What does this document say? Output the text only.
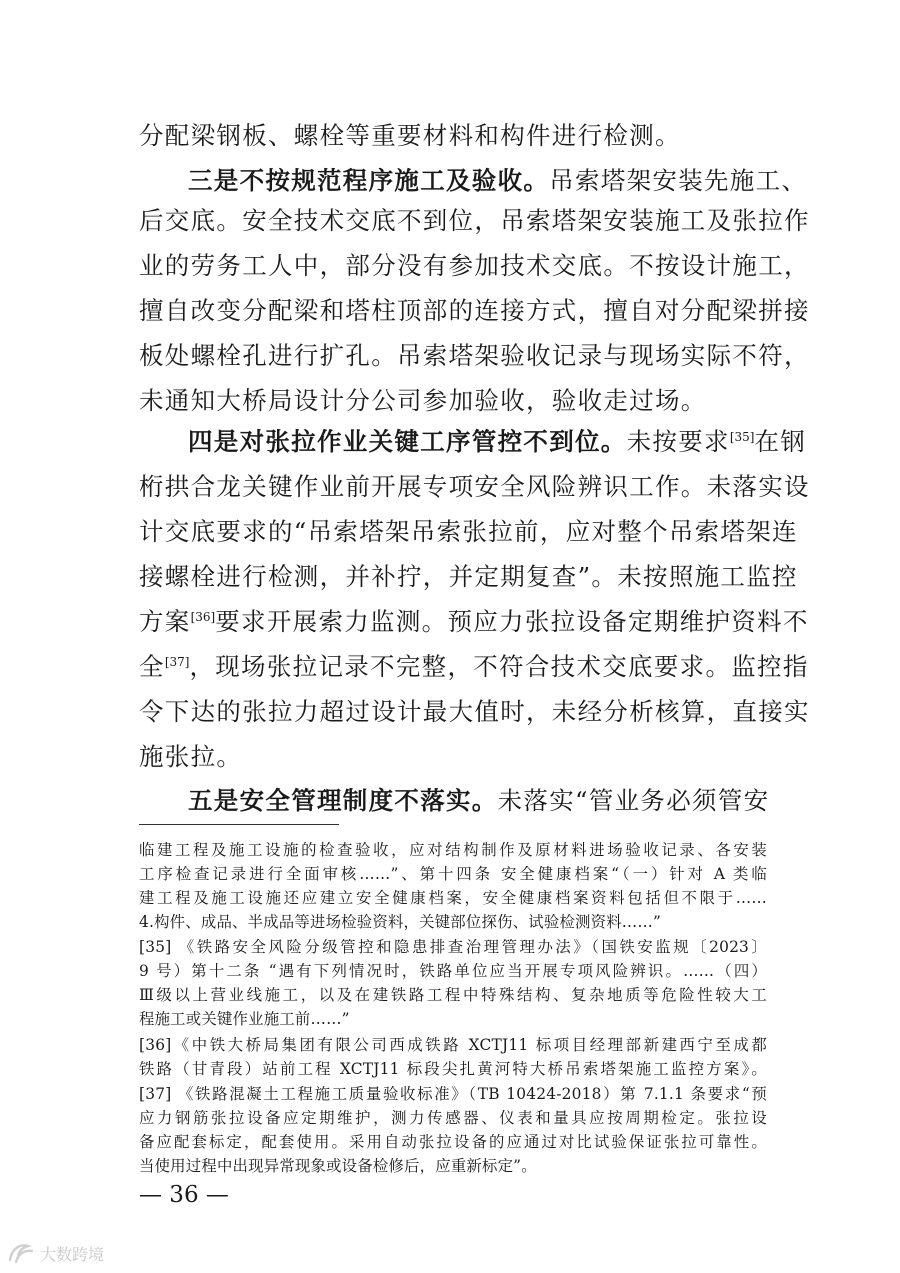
分配梁钢板、螺栓等重要材料和构件进行检测。
三是不按规范程序施工及验收。吊索塔架安装先施工、
后交底。安全技术交底不到位，吊索塔架安装施工及张拉作
业的劳务工人中，部分没有参加技术交底。不按设计施工，
擅自改变分配梁和塔柱顶部的连接方式，擅自对分配梁拼接
板处螺栓孔进行扩孔。吊索塔架验收记录与现场实际不符，
未通知大桥局设计分公司参加验收，验收走过场。
四是对张拉作业关键工序管控不到位。未按要求[35]在钢
桁拱合龙关键作业前开展专项安全风险辨识工作。未落实设
计交底要求的“吊索塔架吊索张拉前，应对整个吊索塔架连
接螺栓进行检测，并补拧，并定期复查”。未按照施工监控
方案[36]要求开展索力监测。预应力张拉设备定期维护资料不
全[37]，现场张拉记录不完整，不符合技术交底要求。监控指
令下达的张拉力超过设计最大值时，未经分析核算，直接实
施张拉。
五是安全管理制度不落实。未落实“管业务必须管安
临建工程及施工设施的检查验收，应对结构制作及原材料进场验收记录、各安装
工序检查记录进行全面审核……”、第十四条 安全健康档案“（一）针对 A 类临
建工程及施工设施还应建立安全健康档案，安全健康档案资料包括但不限于……
4.构件、成品、半成品等进场检验资料，关键部位探伤、试验检测资料……”
[35] 《铁路安全风险分级管控和隐患排查治理管理办法》（国铁安监规〔2023〕
9 号）第十二条 “遇有下列情况时，铁路单位应当开展专项风险辨识。……（四）
Ⅲ级以上营业线施工，以及在建铁路工程中特殊结构、复杂地质等危险性较大工
程施工或关键作业施工前……”
[36]《中铁大桥局集团有限公司西成铁路 XCTJ11 标项目经理部新建西宁至成都
铁路（甘青段）站前工程 XCTJ11 标段尖扎黄河特大桥吊索塔架施工监控方案》。
[37] 《铁路混凝土工程施工质量验收标准》（TB 10424-2018）第 7.1.1 条要求“预
应力钢筋张拉设备应定期维护，测力传感器、仪表和量具应按周期检定。张拉设
备应配套标定，配套使用。采用自动张拉设备的应通过对比试验保证张拉可靠性。
当使用过程中出现异常现象或设备检修后，应重新标定”。
— 36 —
大数跨境
